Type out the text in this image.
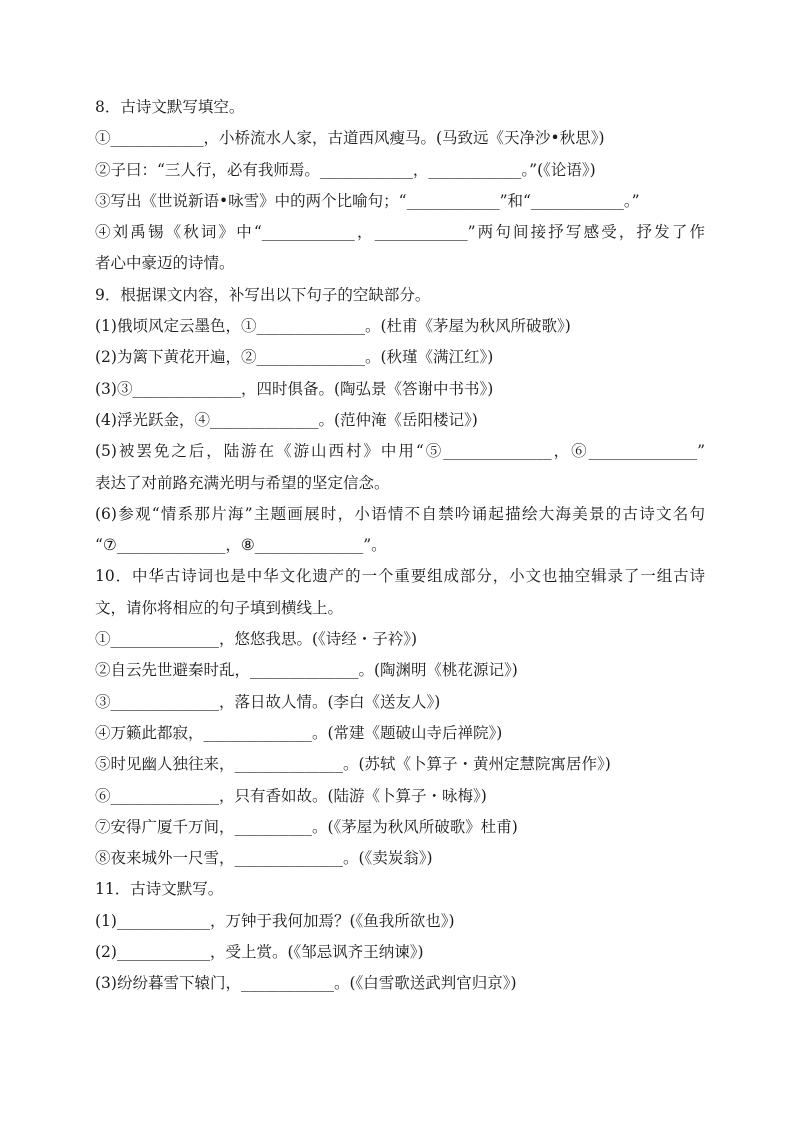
8．古诗文默写填空。
①____________，小桥流水人家，古道西风瘦马。(马致远《天净沙•秋思》)
②子曰：“三人行，必有我师焉。____________，____________。”(《论语》)
③写出《世说新语•咏雪》中的两个比喻句；“____________”和“____________。”
④刘禹锡《秋词》中“____________，____________”两句间接抒写感受，抒发了作
者心中豪迈的诗情。
9．根据课文内容，补写出以下句子的空缺部分。
(1)俄顷风定云墨色，①______________。(杜甫《茅屋为秋风所破歌》)
(2)为篱下黄花开遍，②______________。(秋瑾《满江红》)
(3)③______________，四时俱备。(陶弘景《答谢中书书》)
(4)浮光跃金，④______________。(范仲淹《岳阳楼记》)
(5)被罢免之后，陆游在《游山西村》中用“⑤______________，⑥______________”
表达了对前路充满光明与希望的坚定信念。
(6)参观“情系那片海”主题画展时，小语情不自禁吟诵起描绘大海美景的古诗文名句
“⑦______________，⑧______________”。
10．中华古诗词也是中华文化遗产的一个重要组成部分，小文也抽空辑录了一组古诗
文，请你将相应的句子填到横线上。
①______________，悠悠我思。(《诗经・子衿》)
②自云先世避秦时乱，______________。(陶渊明《桃花源记》)
③______________，落日故人情。(李白《送友人》)
④万籁此都寂，______________。(常建《题破山寺后禅院》)
⑤时见幽人独往来，______________。(苏轼《卜算子・黄州定慧院寓居作》)
⑥______________，只有香如故。(陆游《卜算子・咏梅》)
⑦安得广厦千万间，__________。(《茅屋为秋风所破歌》杜甫)
⑧夜来城外一尺雪，______________。(《卖炭翁》)
11．古诗文默写。
(1)____________，万钟于我何加焉？(《鱼我所欲也》)
(2)____________，受上赏。(《邹忌讽齐王纳谏》)
(3)纷纷暮雪下辕门，____________。(《白雪歌送武判官归京》)
